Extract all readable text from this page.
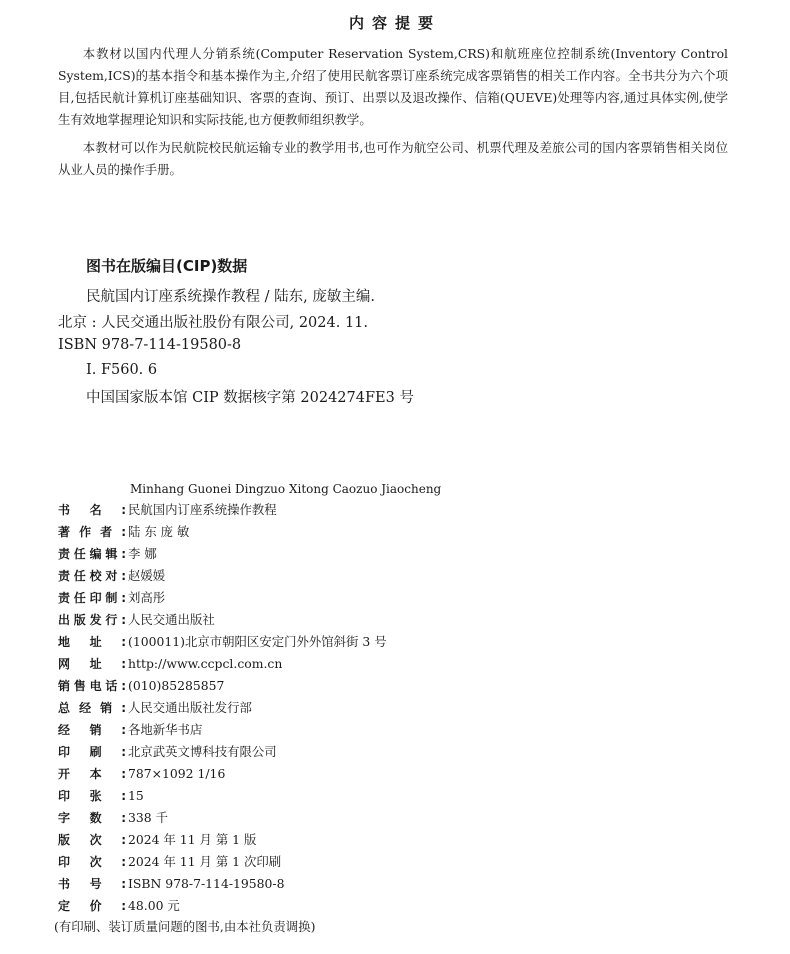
内容提要

本教材以国内代理人分销系统(Computer Reservation System,CRS)和航班座位控制系统(Inventory Control System,ICS)的基本指令和基本操作为主,介绍了使用民航客票订座系统完成客票销售的相关工作内容。全书共分为六个项目,包括民航计算机订座基础知识、客票的查询、预订、出票以及退改操作、信箱(QUEVE)处理等内容,通过具体实例,使学生有效地掌握理论知识和实际技能,也方便教师组织教学。

本教材可以作为民航院校民航运输专业的教学用书,也可作为航空公司、机票代理及差旅公司的国内客票销售相关岗位从业人员的操作手册。

图书在版编目(CIP)数据
民航国内订座系统操作教程 / 陆东, 庞敏主编.
北京 : 人民交通出版社股份有限公司, 2024. 11.
ISBN 978-7-114-19580-8
Ⅰ. F560. 6
中国国家版本馆 CIP 数据核字第 2024274FE3 号
Minhang Guonei Dingzuo Xitong Caozuo Jiaocheng
书名: 民航国内订座系统操作教程
著作者: 陆 东 庞 敏
责任编辑: 李 娜
责任校对: 赵媛媛
责任印制: 刘高彤
出版发行: 人民交通出版社
地址: (100011)北京市朝阳区安定门外外馆斜街 3 号
网址: http://www.ccpcl.com.cn
销售电话: (010)85285857
总经销: 人民交通出版社发行部
经销: 各地新华书店
印刷: 北京武英文博科技有限公司
开本: 787×1092 1/16
印张: 15
字数: 338 千
版次: 2024 年 11 月 第 1 版
印次: 2024 年 11 月 第 1 次印刷
书号: ISBN 978-7-114-19580-8
定价: 48.00 元
(有印刷、装订质量问题的图书,由本社负责调换)
